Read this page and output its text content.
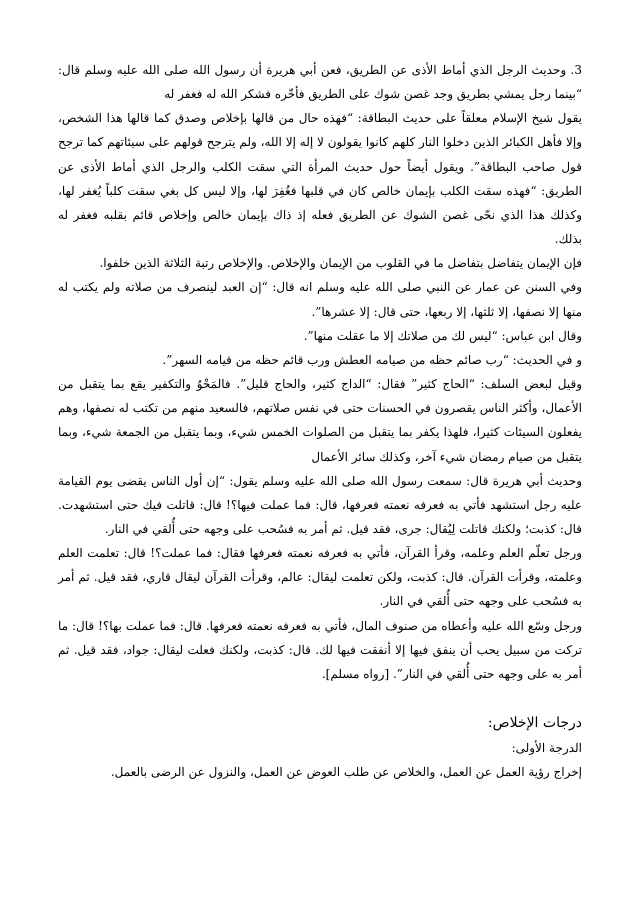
3. وحديث الرجل الذي أماط الأذى عن الطريق، فعن أبي هريرة أن رسول الله صلى الله عليه وسلم قال: “بينما رجل يمشي بطريق وجد غصن شوك على الطريق فأخّره فشكر الله له فغفر له

يقول شيخ الإسلام معلقاً على حديث البطاقة: “فهذه حال من قالها بإخلاص وصدق كما قالها هذا الشخص، وإلا فأهل الكبائر الذين دخلوا النار كلهم كانوا يقولون لا إله إلا الله، ولم يترجح قولهم على سيئاتهم كما ترجح قول صاحب البطاقة”. ويقول أيضاً حول حديث المرأة التي سقت الكلب والرجل الذي أماط الأذى عن الطريق: “فهذه سقت الكلب بإيمان خالص كان في قلبها فغُفِرَ لها، وإلا ليس كل بغي سقت كلباً يُغفر لها، وكذلك هذا الذي نحّى غصن الشوك عن الطريق فعله إذ ذاك بإيمان خالص وإخلاص قائم بقلبه فغفر له بذلك.

فإن الإيمان يتفاضل بتفاضل ما في القلوب من الإيمان والإخلاص. والإخلاص رتبة الثلاثة الذين خلفوا.

وفي السنن عن عمار عن النبي صلى الله عليه وسلم انه قال: “إن العبد لينصرف من صلاته ولم يكتب له منها إلا نصفها، إلا ثلثها، إلا ربعها، حتى قال: إلا عشرها”.

وقال ابن عباس: “ليس لك من صلاتك إلا ما عقلت منها”.

و في الحديث: “رب صائم حظه من صيامه العطش ورب قائم حظه من قيامه السهر”.

وقيل لبعض السلف: “الحاج كثير” فقال: “الداج كثير، والحاج قليل”. فالمَحْوُ والتكفير يقع بما يتقبل من الأعمال، وأكثر الناس يقصرون في الحسنات حتى في نفس صلاتهم، فالسعيد منهم من تكتب له نصفها، وهم يفعلون السيئات كثيرا، فلهذا يكفر بما يتقبل من الصلوات الخمس شيء، وبما يتقبل من الجمعة شيء، وبما يتقبل من صيام رمضان شيء آخر، وكذلك سائر الأعمال

وحديث أبي هريرة قال: سمعت رسول الله صلى الله عليه وسلم يقول: “إن أول الناس يقضى يوم القيامة عليه رجل استشهد فأتي به فعرفه نعمته فعرفها، قال: فما عملت فيها؟! قال: قاتلت فيك حتى استشهدت. قال: كذبت؛ ولكنك قاتلت لِيُقال: جرى، فقد قيل. ثم أمر به فسُحب على وجهه حتى أُلقي في النار.

ورجل تعلّم العلم وعلمه، وقرأ القرآن، فأتي به فعرفه نعمته فعرفها فقال: فما عملت؟! قال: تعلمت العلم وعلمته، وقرأت القرآن. قال: كذبت، ولكن تعلمت ليقال: عالم، وقرأت القرآن ليقال قاري، فقد قيل. ثم أمر به فسُحب على وجهه حتى أُلقي في النار.

ورجل وسّع الله عليه وأعطاه من صنوف المال، فأتي به فعرفه نعمته فعرفها. قال: فما عملت بها؟! قال: ما تركت من سبيل يحب أن ينفق فيها إلا أنفقت فيها لك. قال: كذبت، ولكنك فعلت ليقال: جواد، فقد قيل. ثم أمر به على وجهه حتى أُلقي في النار”. [رواه مسلم].

درجات الإخلاص:

الدرجة الأولى:

إخراج رؤية العمل عن العمل، والخلاص عن طلب العوض عن العمل، والنزول عن الرضى بالعمل.
